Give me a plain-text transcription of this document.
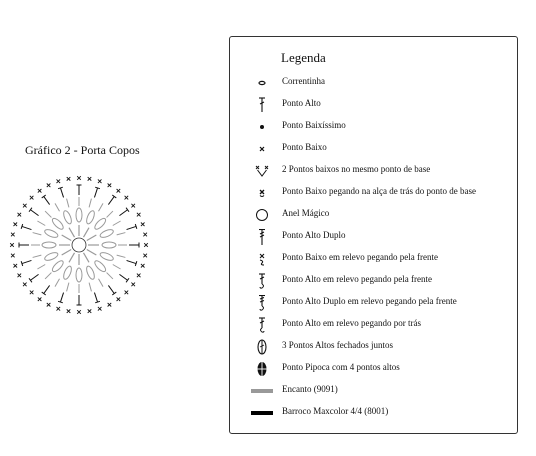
Gráfico 2 - Porta Copos
Legenda
Correntinha
Ponto Alto
Ponto Baixíssimo
Ponto Baixo
2 Pontos baixos no mesmo ponto de base
Ponto Baixo pegando na alça de trás do ponto de base
Anel Mágico
Ponto Alto Duplo
Ponto Baixo em relevo pegando pela frente
Ponto Alto em relevo pegando pela frente
Ponto Alto Duplo em relevo pegando pela frente
Ponto Alto em relevo pegando por trás
3 Pontos Altos fechados juntos
Ponto Pipoca com 4 pontos altos
Encanto (9091)
Barroco Maxcolor 4/4 (8001)
